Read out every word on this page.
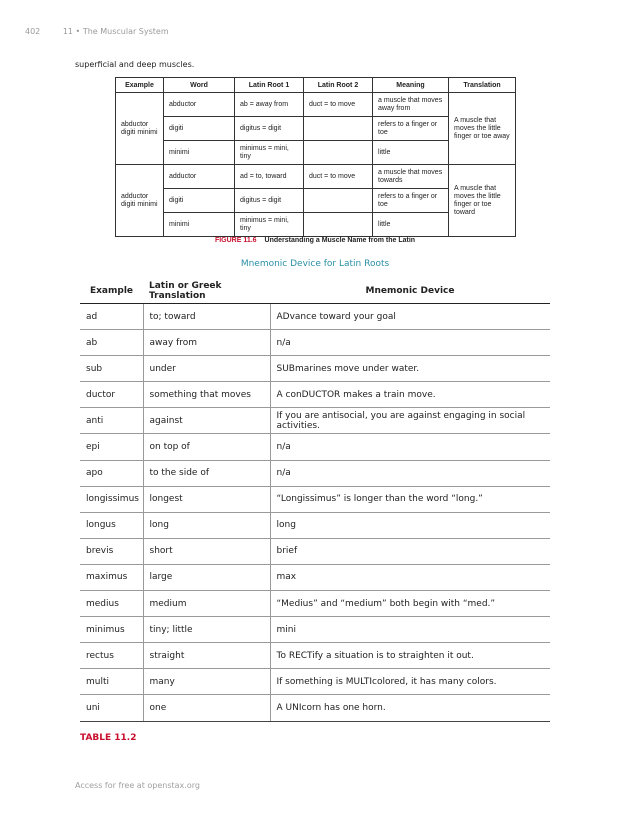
402	11 • The Muscular System
superficial and deep muscles.
Example	Word	Latin Root 1	Latin Root 2	Meaning	Translation
abductor digiti minimi	abductor	ab = away from	duct = to move	a muscle that moves away from	A muscle that moves the little finger or toe away
	digiti	digitus = digit		refers to a finger or toe	
	minimi	minimus = mini, tiny		little	
adductor digiti minimi	adductor	ad = to, toward	duct = to move	a muscle that moves towards	A muscle that moves the little finger or toe toward
	digiti	digitus = digit		refers to a finger or toe	
	minimi	minimus = mini, tiny		little	
FIGURE 11.6 Understanding a Muscle Name from the Latin
Mnemonic Device for Latin Roots
Example	Latin or Greek Translation	Mnemonic Device
ad	to; toward	ADvance toward your goal
ab	away from	n/a
sub	under	SUBmarines move under water.
ductor	something that moves	A conDUCTOR makes a train move.
anti	against	If you are antisocial, you are against engaging in social activities.
epi	on top of	n/a
apo	to the side of	n/a
longissimus	longest	“Longissimus” is longer than the word “long.”
longus	long	long
brevis	short	brief
maximus	large	max
medius	medium	“Medius” and “medium” both begin with “med.”
minimus	tiny; little	mini
rectus	straight	To RECTify a situation is to straighten it out.
multi	many	If something is MULTIcolored, it has many colors.
uni	one	A UNIcorn has one horn.
TABLE 11.2
Access for free at openstax.org
